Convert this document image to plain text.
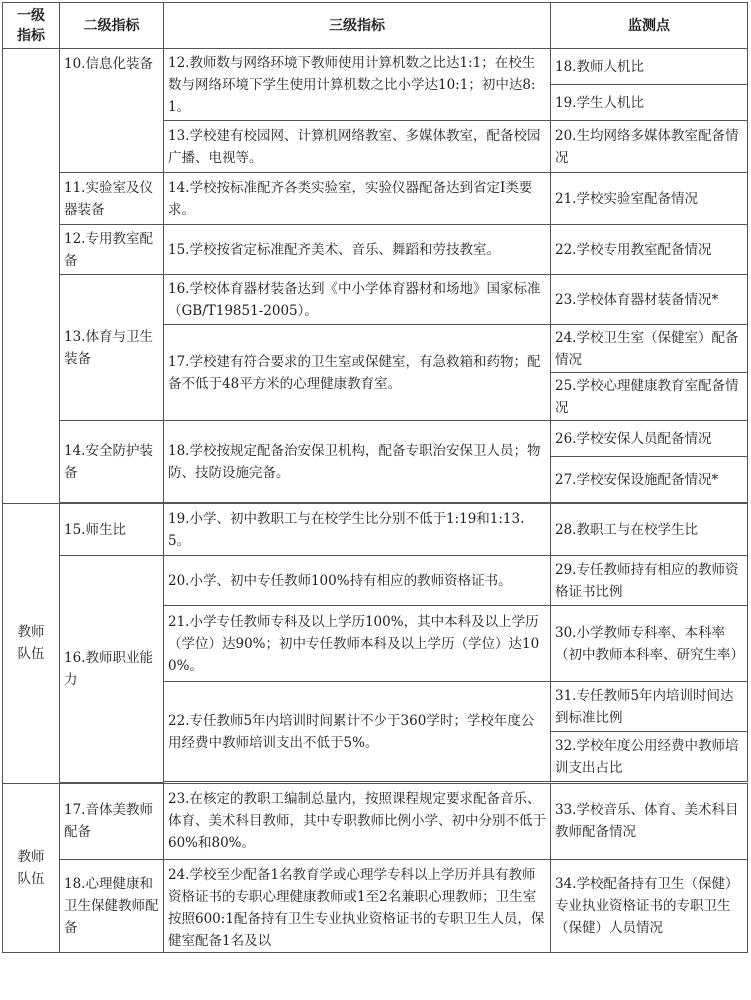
一级
指标	二级指标	三级指标	监测点
	10.信息化装备	12.教师数与网络环境下教师使用计算机数之比达1:1；在校生数与网络环境下学生使用计算机数之比小学达10:1；初中达8:1。	18.教师人机比
			19.学生人机比
		13.学校建有校园网、计算机网络教室、多媒体教室，配备校园广播、电视等。	20.生均网络多媒体教室配备情况
	11.实验室及仪器装备	14.学校按标准配齐各类实验室，实验仪器配备达到省定Ⅰ类要求。	21.学校实验室配备情况
	12.专用教室配备	15.学校按省定标准配齐美术、音乐、舞蹈和劳技教室。	22.学校专用教室配备情况
	13.体育与卫生装备	16.学校体育器材装备达到《中小学体育器材和场地》国家标准（GB/T19851-2005）。	23.学校体育器材装备情况*
		17.学校建有符合要求的卫生室或保健室，有急救箱和药物；配备不低于48平方米的心理健康教育室。	24.学校卫生室（保健室）配备情况
			25.学校心理健康教育室配备情况
	14.安全防护装备	18.学校按规定配备治安保卫机构，配备专职治安保卫人员；物防、技防设施完备。	26.学校安保人员配备情况
			27.学校安保设施配备情况*

教师
队伍	15.师生比	19.小学、初中教职工与在校学生比分别不低于1:19和1:13.5。	28.教职工与在校学生比
	16.教师职业能力	20.小学、初中专任教师100%持有相应的教师资格证书。	29.专任教师持有相应的教师资格证书比例
		21.小学专任教师专科及以上学历100%，其中本科及以上学历（学位）达90%；初中专任教师本科及以上学历（学位）达100%。	30.小学教师专科率、本科率（初中教师本科率、研究生率）
		22.专任教师5年内培训时间累计不少于360学时；学校年度公用经费中教师培训支出不低于5%。	31.专任教师5年内培训时间达到标准比例
			32.学校年度公用经费中教师培训支出占比

教师
队伍	17.音体美教师配备	23.在核定的教职工编制总量内，按照课程规定要求配备音乐、体育、美术科目教师，其中专职教师比例小学、初中分别不低于60%和80%。	33.学校音乐、体育、美术科目教师配备情况
	18.心理健康和卫生保健教师配备	24.学校至少配备1名教育学或心理学专科以上学历并具有教师资格证书的专职心理健康教师或1至2名兼职心理教师；卫生室按照600:1配备持有卫生专业执业资格证书的专职卫生人员，保健室配备1名及以	34.学校配备持有卫生（保健）专业执业资格证书的专职卫生（保健）人员情况
